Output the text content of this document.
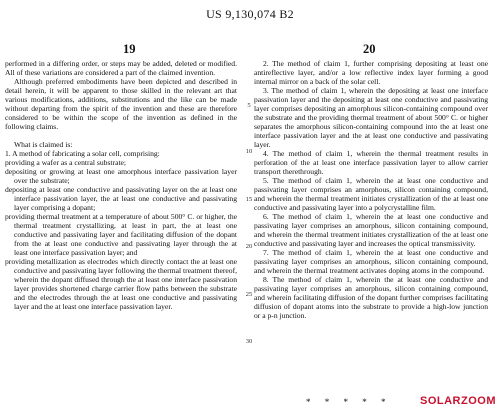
US 9,130,074 B2
19	20

performed in a differing order, or steps may be added, deleted or modified. All of these variations are considered a part of the claimed invention.

Although preferred embodiments have been depicted and described in detail herein, it will be apparent to those skilled in the relevant art that various modifications, additions, substitutions and the like can be made without departing from the spirit of the invention and these are therefore considered to be within the scope of the invention as defined in the following claims.

What is claimed is:

1. A method of fabricating a solar cell, comprising:

providing a wafer as a central substrate;

depositing or growing at least one amorphous interface passivation layer over the substrate;

depositing at least one conductive and passivating layer on the at least one interface passivation layer, the at least one conductive and passivating layer comprising a dopant;

providing thermal treatment at a temperature of about 500° C. or higher, the thermal treatment crystallizing, at least in part, the at least one conductive and passivating layer and facilitating diffusion of the dopant from the at least one conductive and passivating layer through the at least one interface passivation layer; and

providing metallization as electrodes which directly contact the at least one conductive and passivating layer following the thermal treatment thereof, wherein the dopant diffused through the at least one interface passivation layer provides shortened charge carrier flow paths between the substrate and the electrodes through the at least one conductive and passivating layer and the at least one interface passivation layer.

5
10
15
20
25
30

2. The method of claim 1, further comprising depositing at least one antireflective layer, and/or a low reflective index layer forming a good internal mirror on a back of the solar cell.

3. The method of claim 1, wherein the depositing at least one interface passivation layer and the depositing at least one conductive and passivating layer comprises depositing an amorphous silicon-containing compound over the substrate and the providing thermal treatment of about 500° C. or higher separates the amorphous silicon-containing compound into the at least one interface passivation layer and the at least one conductive and passivating layer.

4. The method of claim 1, wherein the thermal treatment results in perforation of the at least one interface passivation layer to allow carrier transport therethrough.

5. The method of claim 1, wherein the at least one conductive and passivating layer comprises an amorphous, silicon containing compound, and wherein the thermal treatment initiates crystallization of the at least one conductive and passivating layer into a polycrystalline film.

6. The method of claim 1, wherein the at least one conductive and passivating layer comprises an amorphous, silicon containing compound, and wherein the thermal treatment initiates crystallization of the at least one conductive and passivating layer and increases the optical transmissivity.

7. The method of claim 1, wherein the at least one conductive and passivating layer comprises an amorphous, silicon containing compound, and wherein the thermal treatment activates doping atoms in the compound.

8. The method of claim 1, wherein the at least one conductive and passivating layer comprises an amorphous, silicon containing compound, and wherein facilitating diffusion of the dopant further comprises facilitating diffusion of dopant atoms into the substrate to provide a high-low junction or a p-n junction.

* * * * *	SOLARZOOM
